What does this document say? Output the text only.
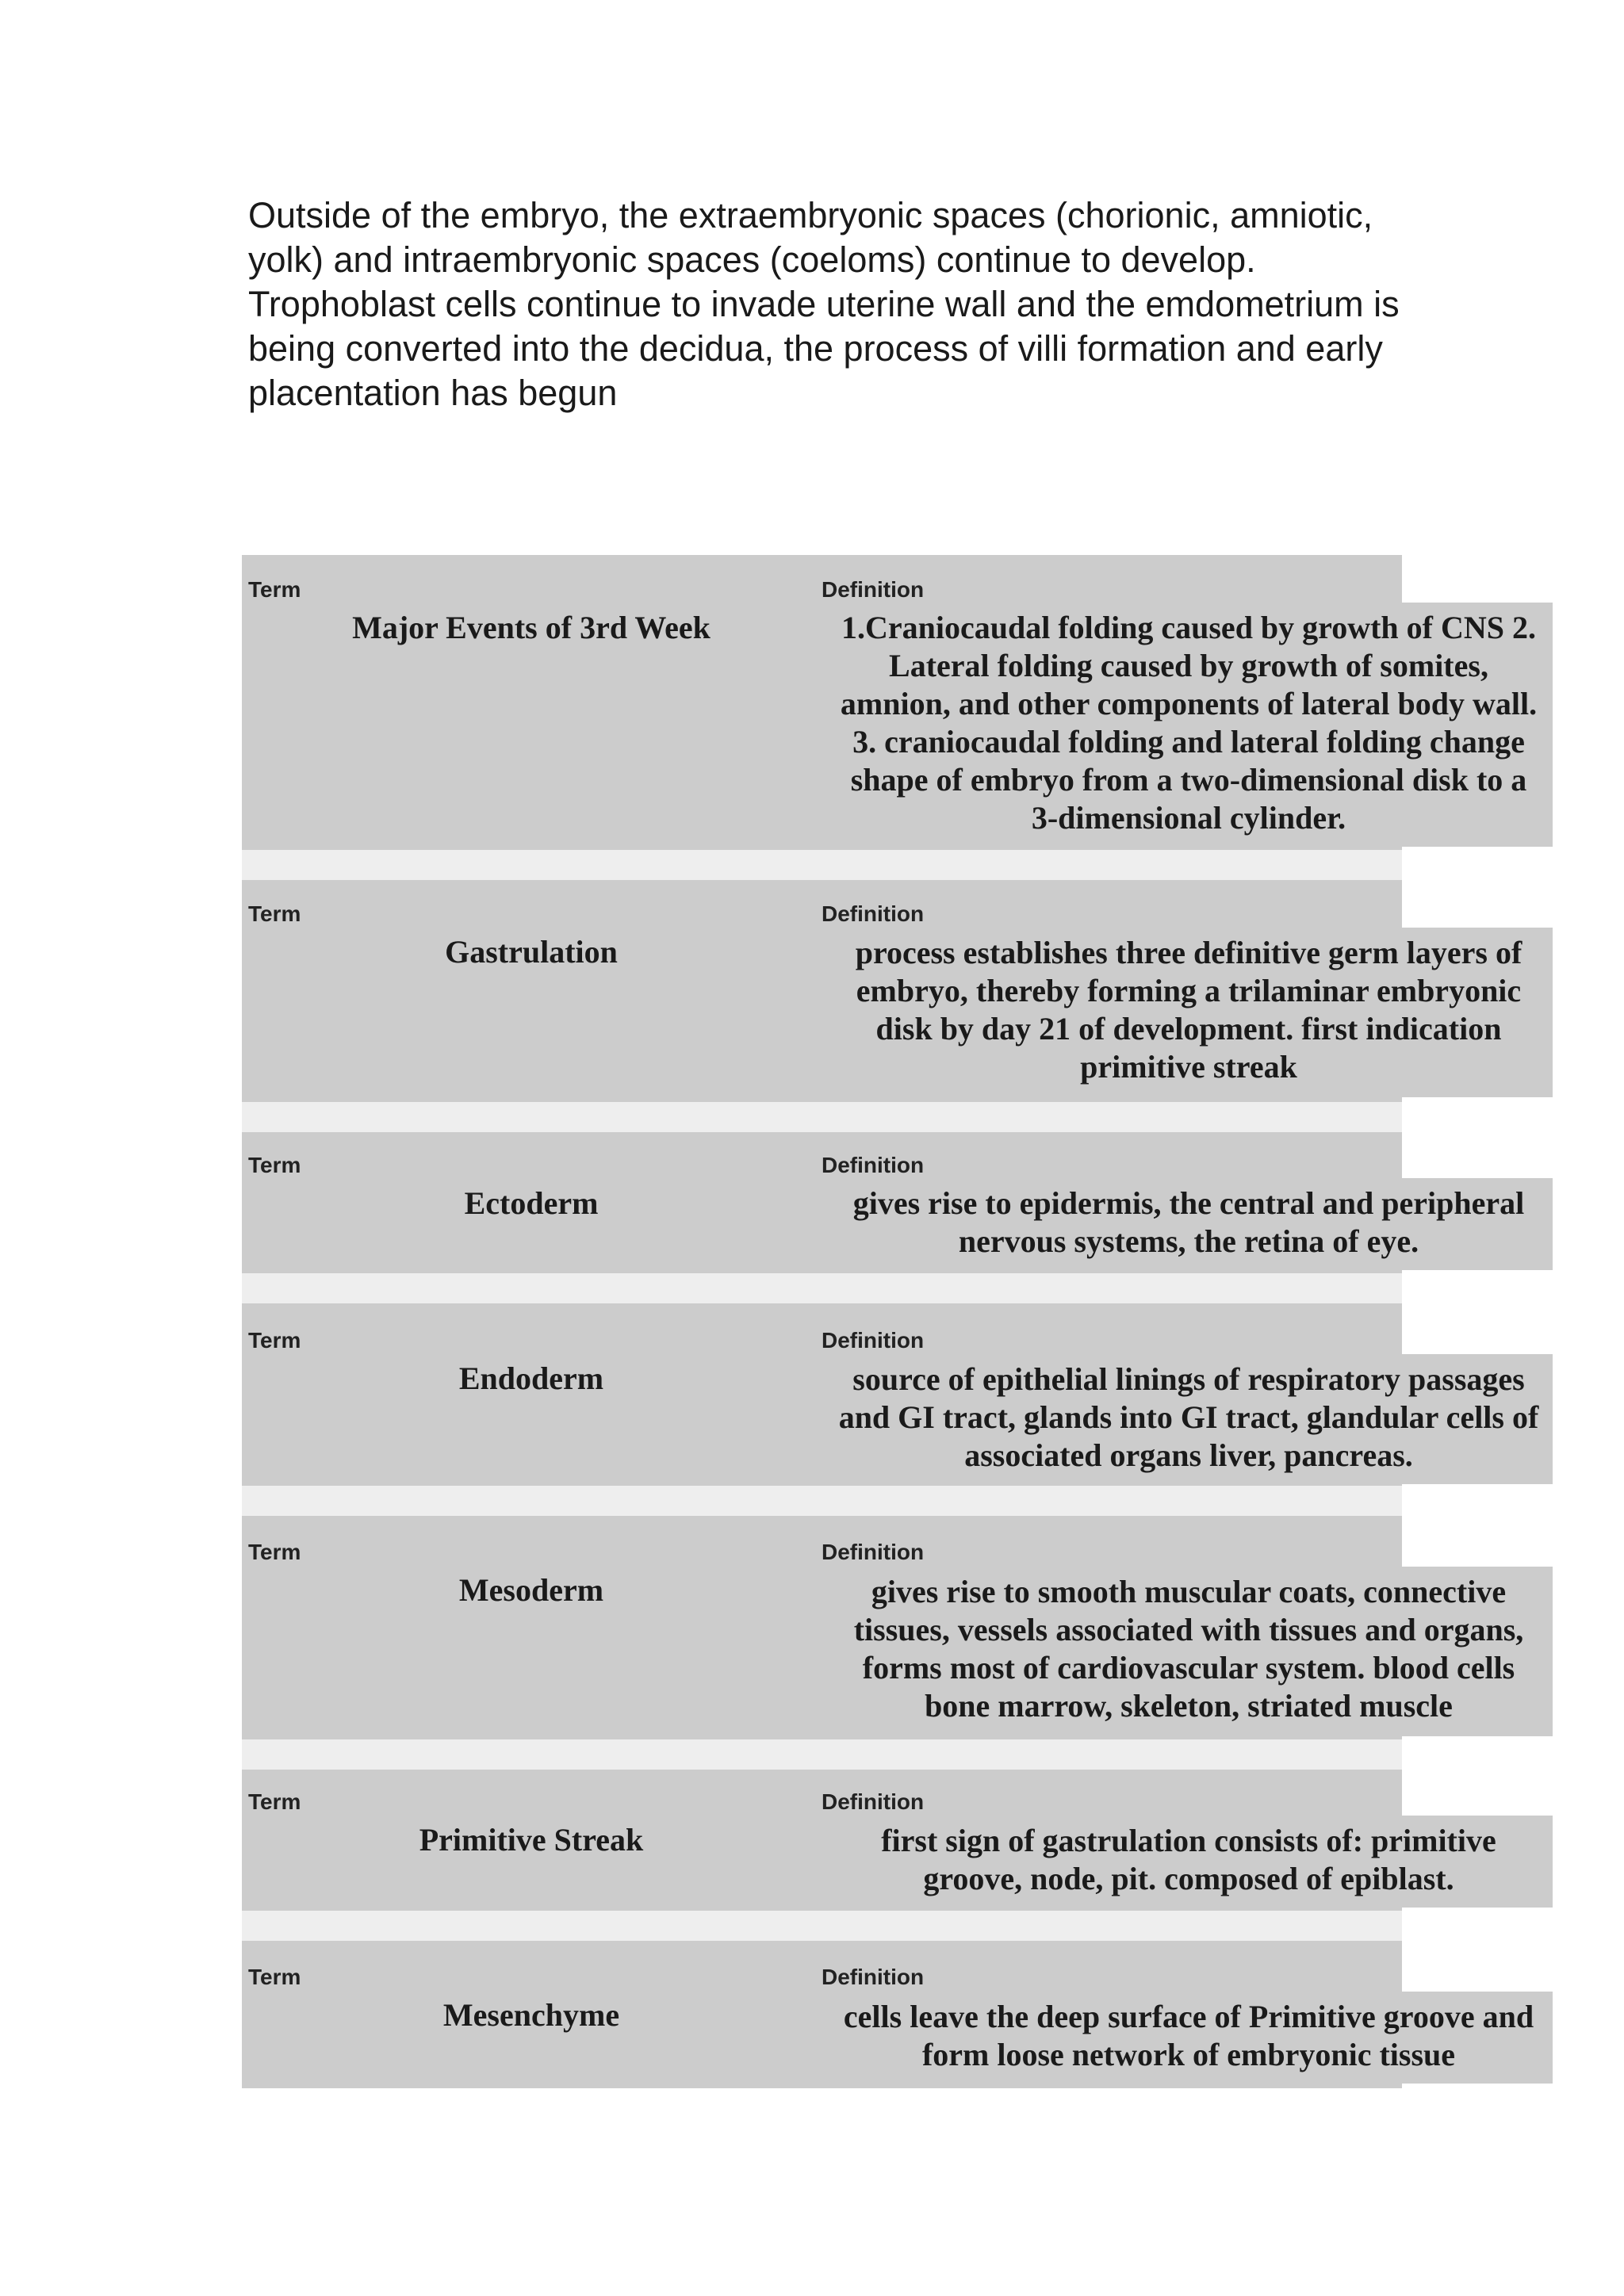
Outside of the embryo, the extraembryonic spaces (chorionic, amniotic, yolk) and intraembryonic spaces (coeloms) continue to develop. Trophoblast cells continue to invade uterine wall and the emdometrium is being converted into the decidua, the process of villi formation and early placentation has begun
Term	Definition
Major Events of 3rd Week	1.Craniocaudal folding caused by growth of CNS 2. Lateral folding caused by growth of somites, amnion, and other components of lateral body wall. 3. craniocaudal folding and lateral folding change shape of embryo from a two-dimensional disk to a 3-dimensional cylinder.
Term	Definition
Gastrulation	process establishes three definitive germ layers of embryo, thereby forming a trilaminar embryonic disk by day 21 of development. first indication primitive streak
Term	Definition
Ectoderm	gives rise to epidermis, the central and peripheral nervous systems, the retina of eye.
Term	Definition
Endoderm	source of epithelial linings of respiratory passages and GI tract, glands into GI tract, glandular cells of associated organs liver, pancreas.
Term	Definition
Mesoderm	gives rise to smooth muscular coats, connective tissues, vessels associated with tissues and organs, forms most of cardiovascular system. blood cells bone marrow, skeleton, striated muscle
Term	Definition
Primitive Streak	first sign of gastrulation consists of: primitive groove, node, pit. composed of epiblast.
Term	Definition
Mesenchyme	cells leave the deep surface of Primitive groove and form loose network of embryonic tissue
